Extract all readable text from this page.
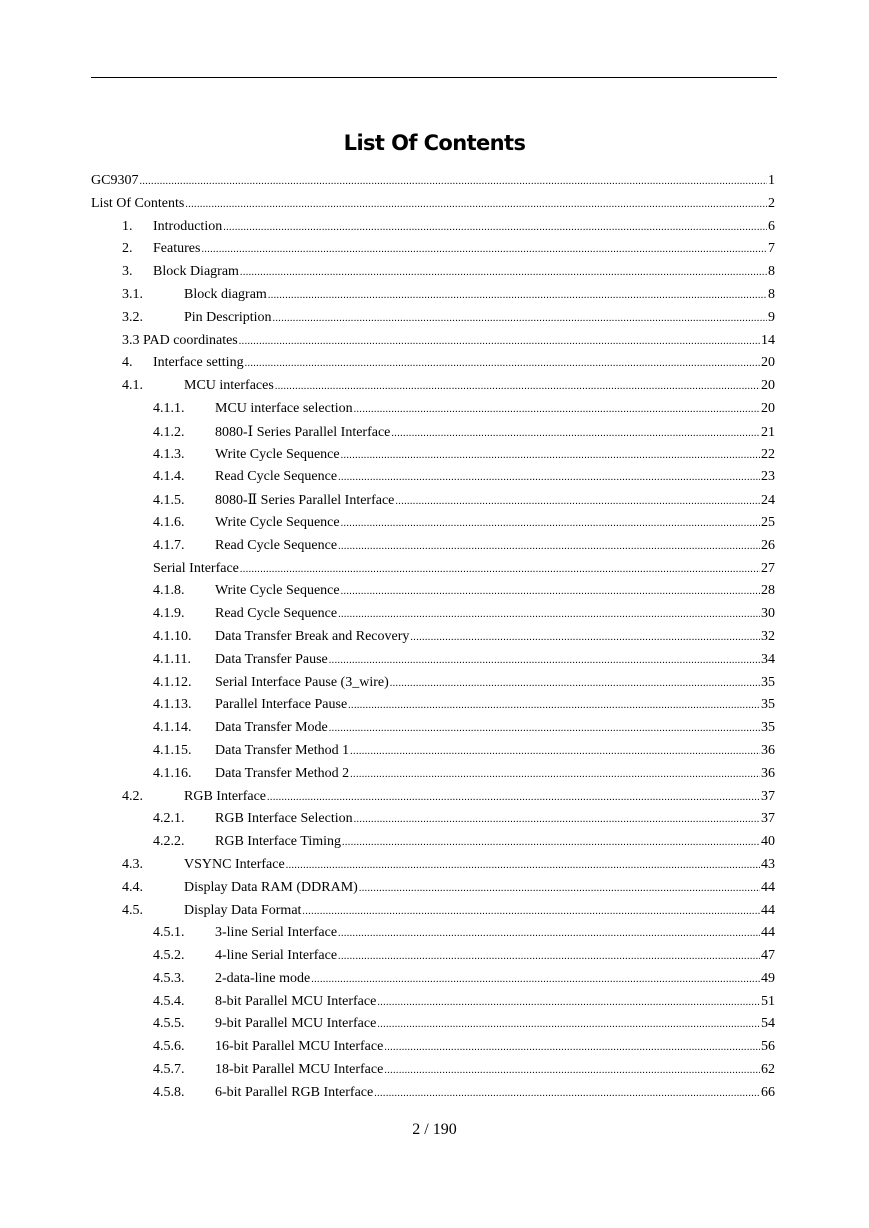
List Of Contents
GC9307 .....	1
List Of Contents .....	2
1.	Introduction .....	6
2.	Features .....	7
3.	Block Diagram .....	8
3.1.	Block diagram .....	8
3.2.	Pin Description .....	9
3.3 PAD coordinates .....	14
4.	Interface setting .....	20
4.1.	MCU interfaces .....	20
4.1.1.	MCU interface selection .....	20
4.1.2.	8080-Ⅰ Series Parallel Interface .....	21
4.1.3.	Write Cycle Sequence .....	22
4.1.4.	Read Cycle Sequence .....	23
4.1.5.	8080-Ⅱ Series Parallel Interface .....	24
4.1.6.	Write Cycle Sequence .....	25
4.1.7.	Read Cycle Sequence .....	26
Serial Interface .....	27
4.1.8.	Write Cycle Sequence .....	28
4.1.9.	Read Cycle Sequence .....	30
4.1.10.	Data Transfer Break and Recovery .....	32
4.1.11.	Data Transfer Pause .....	34
4.1.12.	Serial Interface Pause (3_wire) .....	35
4.1.13.	Parallel Interface Pause .....	35
4.1.14.	Data Transfer Mode .....	35
4.1.15.	Data Transfer Method 1 .....	36
4.1.16.	Data Transfer Method 2 .....	36
4.2.	RGB Interface .....	37
4.2.1.	RGB Interface Selection .....	37
4.2.2.	RGB Interface Timing .....	40
4.3.	VSYNC Interface .....	43
4.4.	Display Data RAM (DDRAM) .....	44
4.5.	Display Data Format .....	44
4.5.1.	3-line Serial Interface .....	44
4.5.2.	4-line Serial Interface .....	47
4.5.3.	2-data-line mode .....	49
4.5.4.	8-bit Parallel MCU Interface .....	51
4.5.5.	9-bit Parallel MCU Interface .....	54
4.5.6.	16-bit Parallel MCU Interface .....	56
4.5.7.	18-bit Parallel MCU Interface .....	62
4.5.8.	6-bit Parallel RGB Interface .....	66
2 / 190
